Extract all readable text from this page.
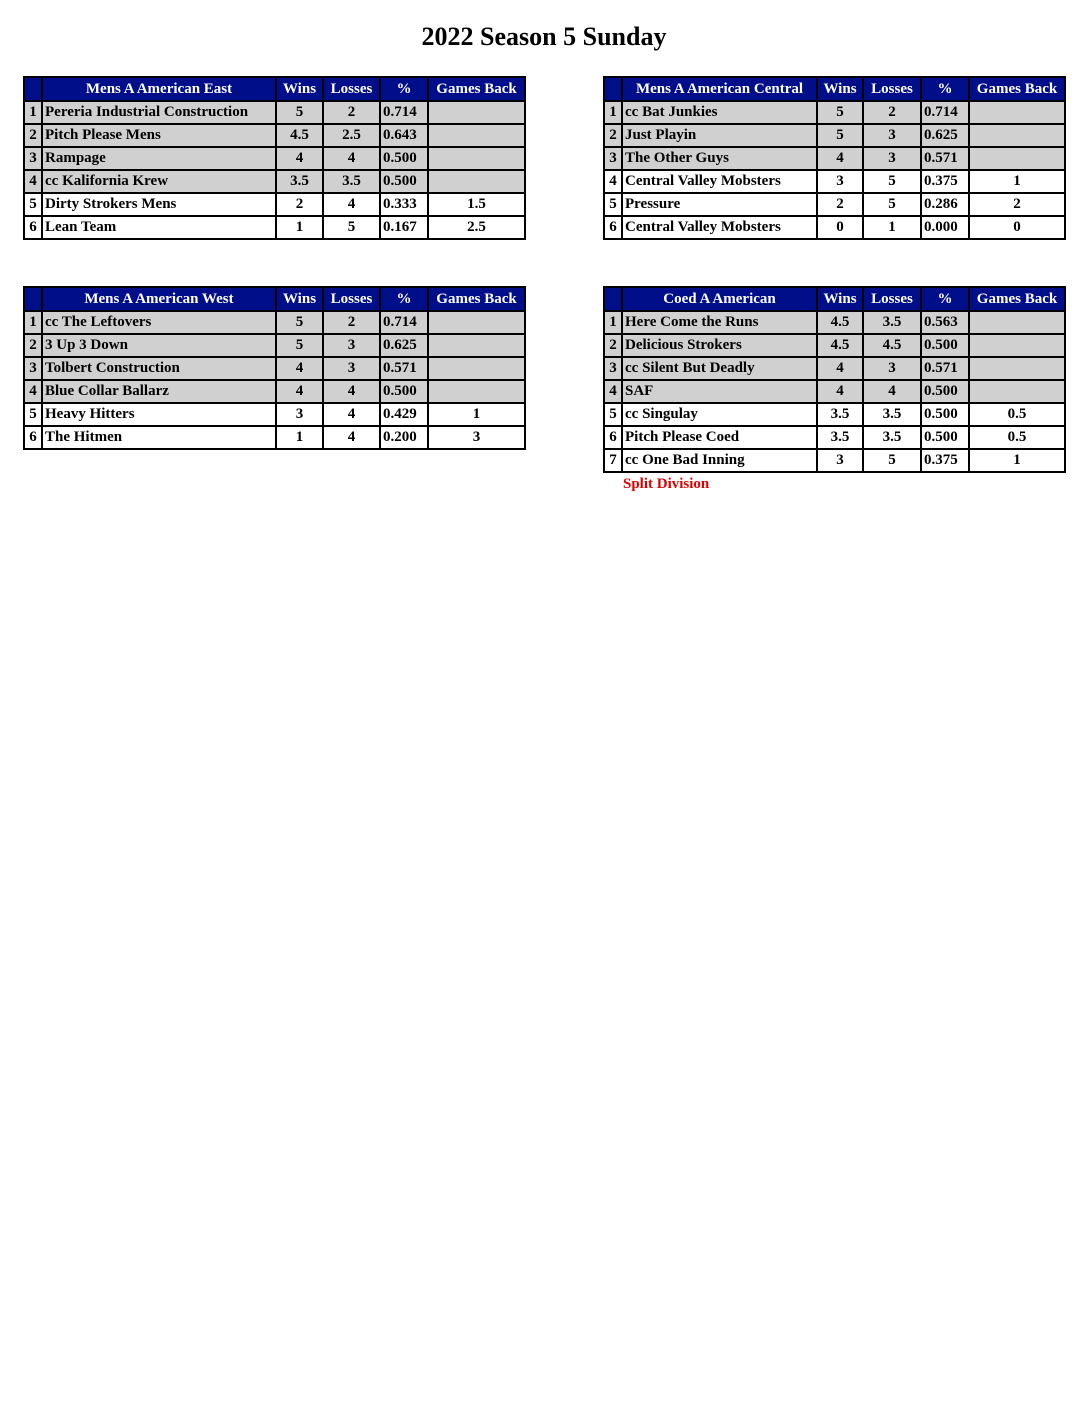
2022 Season 5 Sunday
	Mens A American East	Wins	Losses	%	Games Back
1	Pereria Industrial Construction	5	2	0.714	
2	Pitch Please Mens	4.5	2.5	0.643	
3	Rampage	4	4	0.500	
4	cc Kalifornia Krew	3.5	3.5	0.500	
5	Dirty Strokers Mens	2	4	0.333	1.5
6	Lean Team	1	5	0.167	2.5
	Mens A American Central	Wins	Losses	%	Games Back
1	cc Bat Junkies	5	2	0.714	
2	Just Playin	5	3	0.625	
3	The Other Guys	4	3	0.571	
4	Central Valley Mobsters	3	5	0.375	1
5	Pressure	2	5	0.286	2
6	Central Valley Mobsters	0	1	0.000	0
	Mens A American West	Wins	Losses	%	Games Back
1	cc The Leftovers	5	2	0.714	
2	3 Up 3 Down	5	3	0.625	
3	Tolbert Construction	4	3	0.571	
4	Blue Collar Ballarz	4	4	0.500	
5	Heavy Hitters	3	4	0.429	1
6	The Hitmen	1	4	0.200	3
	Coed A American	Wins	Losses	%	Games Back
1	Here Come the Runs	4.5	3.5	0.563	
2	Delicious Strokers	4.5	4.5	0.500	
3	cc Silent But Deadly	4	3	0.571	
4	SAF	4	4	0.500	
5	cc Singulay	3.5	3.5	0.500	0.5
6	Pitch Please Coed	3.5	3.5	0.500	0.5
7	cc One Bad Inning	3	5	0.375	1
Split Division
